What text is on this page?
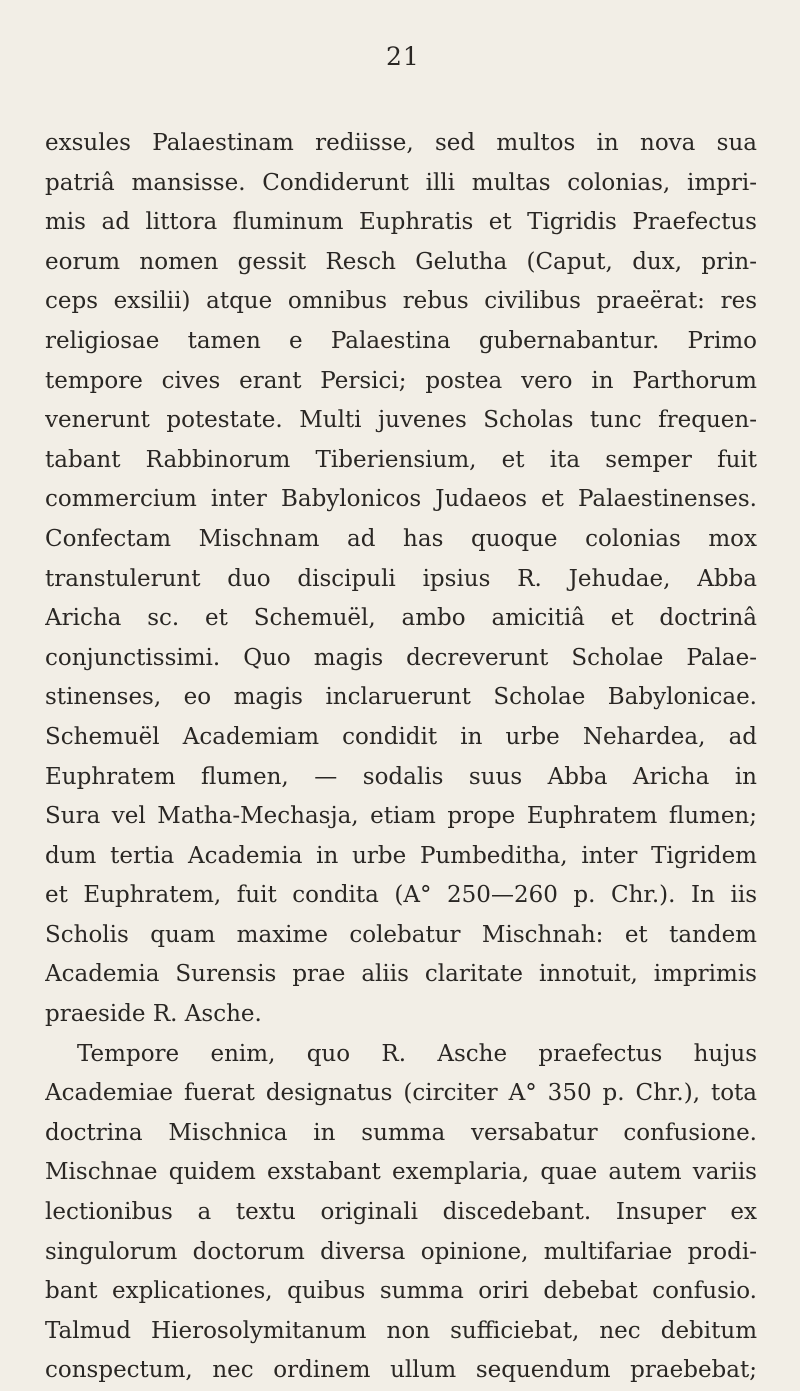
21
exsules Palaestinam rediisse, sed multos in nova sua
patriâ mansisse. Condiderunt illi multas colonias, impri-
mis ad littora fluminum Euphratis et Tigridis Praefectus
eorum nomen gessit Resch Gelutha (Caput, dux, prin-
ceps exsilii) atque omnibus rebus civilibus praeërat: res
religiosae tamen e Palaestina gubernabantur. Primo
tempore cives erant Persici; postea vero in Parthorum
venerunt potestate. Multi juvenes Scholas tunc frequen-
tabant Rabbinorum Tiberiensium, et ita semper fuit
commercium inter Babylonicos Judaeos et Palaestinenses.
Confectam Mischnam ad has quoque colonias mox
transtulerunt duo discipuli ipsius R. Jehudae, Abba
Aricha sc. et Schemuël, ambo amicitiâ et doctrinâ
conjunctissimi. Quo magis decreverunt Scholae Palae-
stinenses, eo magis inclaruerunt Scholae Babylonicae.
Schemuël Academiam condidit in urbe Nehardea, ad
Euphratem flumen, — sodalis suus Abba Aricha in
Sura vel Matha-Mechasja, etiam prope Euphratem flumen;
dum tertia Academia in urbe Pumbeditha, inter Tigridem
et Euphratem, fuit condita (A° 250—260 p. Chr.). In iis
Scholis quam maxime colebatur Mischnah: et tandem
Academia Surensis prae aliis claritate innotuit, imprimis
praeside R. Asche.
Tempore enim, quo R. Asche praefectus hujus
Academiae fuerat designatus (circiter A° 350 p. Chr.), tota
doctrina Mischnica in summa versabatur confusione.
Mischnae quidem exstabant exemplaria, quae autem variis
lectionibus a textu originali discedebant. Insuper ex
singulorum doctorum diversa opinione, multifariae prodi-
bant explicationes, quibus summa oriri debebat confusio.
Talmud Hierosolymitanum non sufficiebat, nec debitum
conspectum, nec ordinem ullum sequendum praebebat;
